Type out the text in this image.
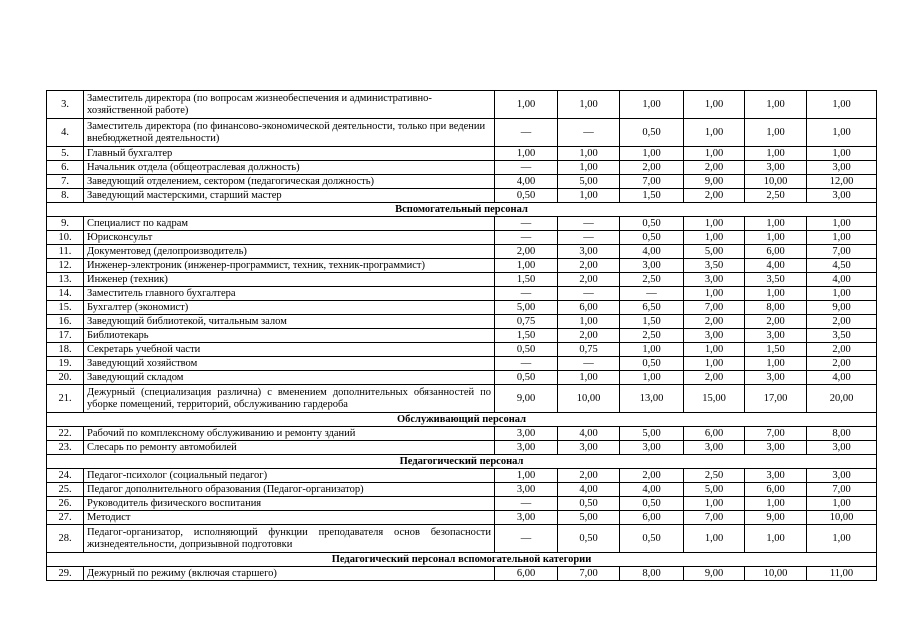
3.	Заместитель директора (по вопросам жизнеобеспечения и административно-хозяйственной работе)	1,00	1,00	1,00	1,00	1,00	1,00
4.	Заместитель директора (по финансово-экономической деятельности, только при ведении внебюджетной деятельности)	—	—	0,50	1,00	1,00	1,00
5.	Главный бухгалтер	1,00	1,00	1,00	1,00	1,00	1,00
6.	Начальник отдела (общеотраслевая должность)	—	1,00	2,00	2,00	3,00	3,00
7.	Заведующий отделением, сектором (педагогическая должность)	4,00	5,00	7,00	9,00	10,00	12,00
8.	Заведующий мастерскими, старший мастер	0,50	1,00	1,50	2,00	2,50	3,00
Вспомогательный персонал							
9.	Специалист по кадрам	—	—	0,50	1,00	1,00	1,00
10.	Юрисконсульт	—	—	0,50	1,00	1,00	1,00
11.	Документовед (делопроизводитель)	2,00	3,00	4,00	5,00	6,00	7,00
12.	Инженер-электроник (инженер-программист, техник, техник-программист)	1,00	2,00	3,00	3,50	4,00	4,50
13.	Инженер (техник)	1,50	2,00	2,50	3,00	3,50	4,00
14.	Заместитель главного бухгалтера	—	—	—	1,00	1,00	1,00
15.	Бухгалтер (экономист)	5,00	6,00	6,50	7,00	8,00	9,00
16.	Заведующий библиотекой, читальным залом	0,75	1,00	1,50	2,00	2,00	2,00
17.	Библиотекарь	1,50	2,00	2,50	3,00	3,00	3,50
18.	Секретарь учебной части	0,50	0,75	1,00	1,00	1,50	2,00
19.	Заведующий хозяйством	—	—	0,50	1,00	1,00	2,00
20.	Заведующий складом	0,50	1,00	1,00	2,00	3,00	4,00
21.	Дежурный (специализация различна) с вменением дополнительных обязанностей по уборке помещений, территорий, обслуживанию гардероба	9,00	10,00	13,00	15,00	17,00	20,00
Обслуживающий персонал							
22.	Рабочий по комплексному обслуживанию и ремонту зданий	3,00	4,00	5,00	6,00	7,00	8,00
23.	Слесарь по ремонту автомобилей	3,00	3,00	3,00	3,00	3,00	3,00
Педагогический персонал							
24.	Педагог-психолог (социальный педагог)	1,00	2,00	2,00	2,50	3,00	3,00
25.	Педагог дополнительного образования (Педагог-организатор)	3,00	4,00	4,00	5,00	6,00	7,00
26.	Руководитель физического воспитания	—	0,50	0,50	1,00	1,00	1,00
27.	Методист	3,00	5,00	6,00	7,00	9,00	10,00
28.	Педагог-организатор, исполняющий функции преподавателя основ безопасности жизнедеятельности, допризывной подготовки	—	0,50	0,50	1,00	1,00	1,00
Педагогический персонал вспомогательной категории							
29.	Дежурный по режиму (включая старшего)	6,00	7,00	8,00	9,00	10,00	11,00
